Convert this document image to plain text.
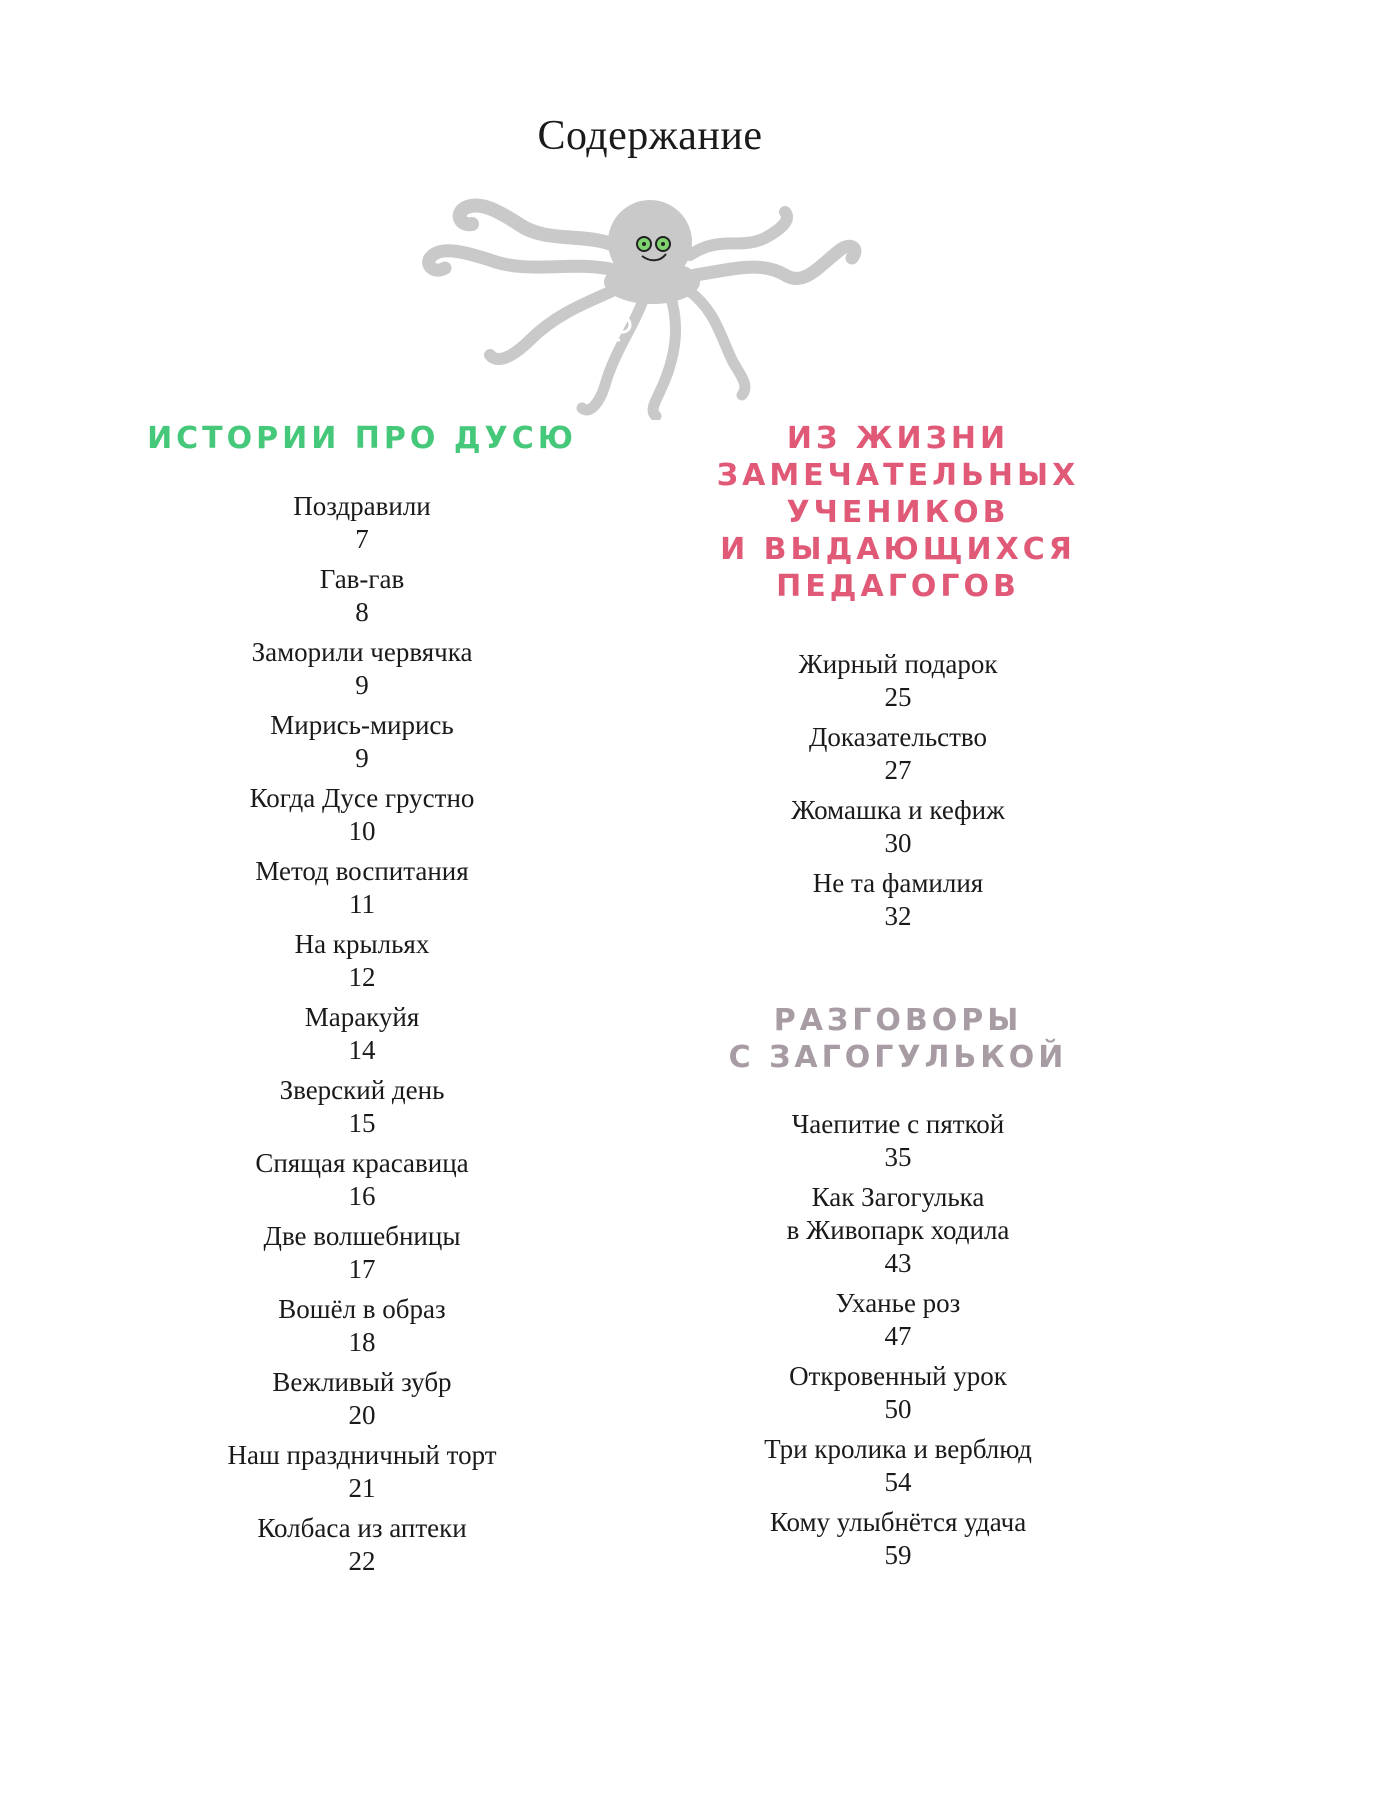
Содержание
ИСТОРИИ ПРО ДУСЮ
Поздравили
7
Гав-гав
8
Заморили червячка
9
Мирись-мирись
9
Когда Дусе грустно
10
Метод воспитания
11
На крыльях
12
Маракуйя
14
Зверский день
15
Спящая красавица
16
Две волшебницы
17
Вошёл в образ
18
Вежливый зубр
20
Наш праздничный торт
21
Колбаса из аптеки
22
ИЗ ЖИЗНИ
ЗАМЕЧАТЕЛЬНЫХ
УЧЕНИКОВ
И ВЫДАЮЩИХСЯ
ПЕДАГОГОВ
Жирный подарок
25
Доказательство
27
Жомашка и кефиж
30
Не та фамилия
32
РАЗГОВОРЫ
С ЗАГОГУЛЬКОЙ
Чаепитие с пяткой
35
Как Загогулька
в Живопарк ходила
43
Уханье роз
47
Откровенный урок
50
Три кролика и верблюд
54
Кому улыбнётся удача
59
